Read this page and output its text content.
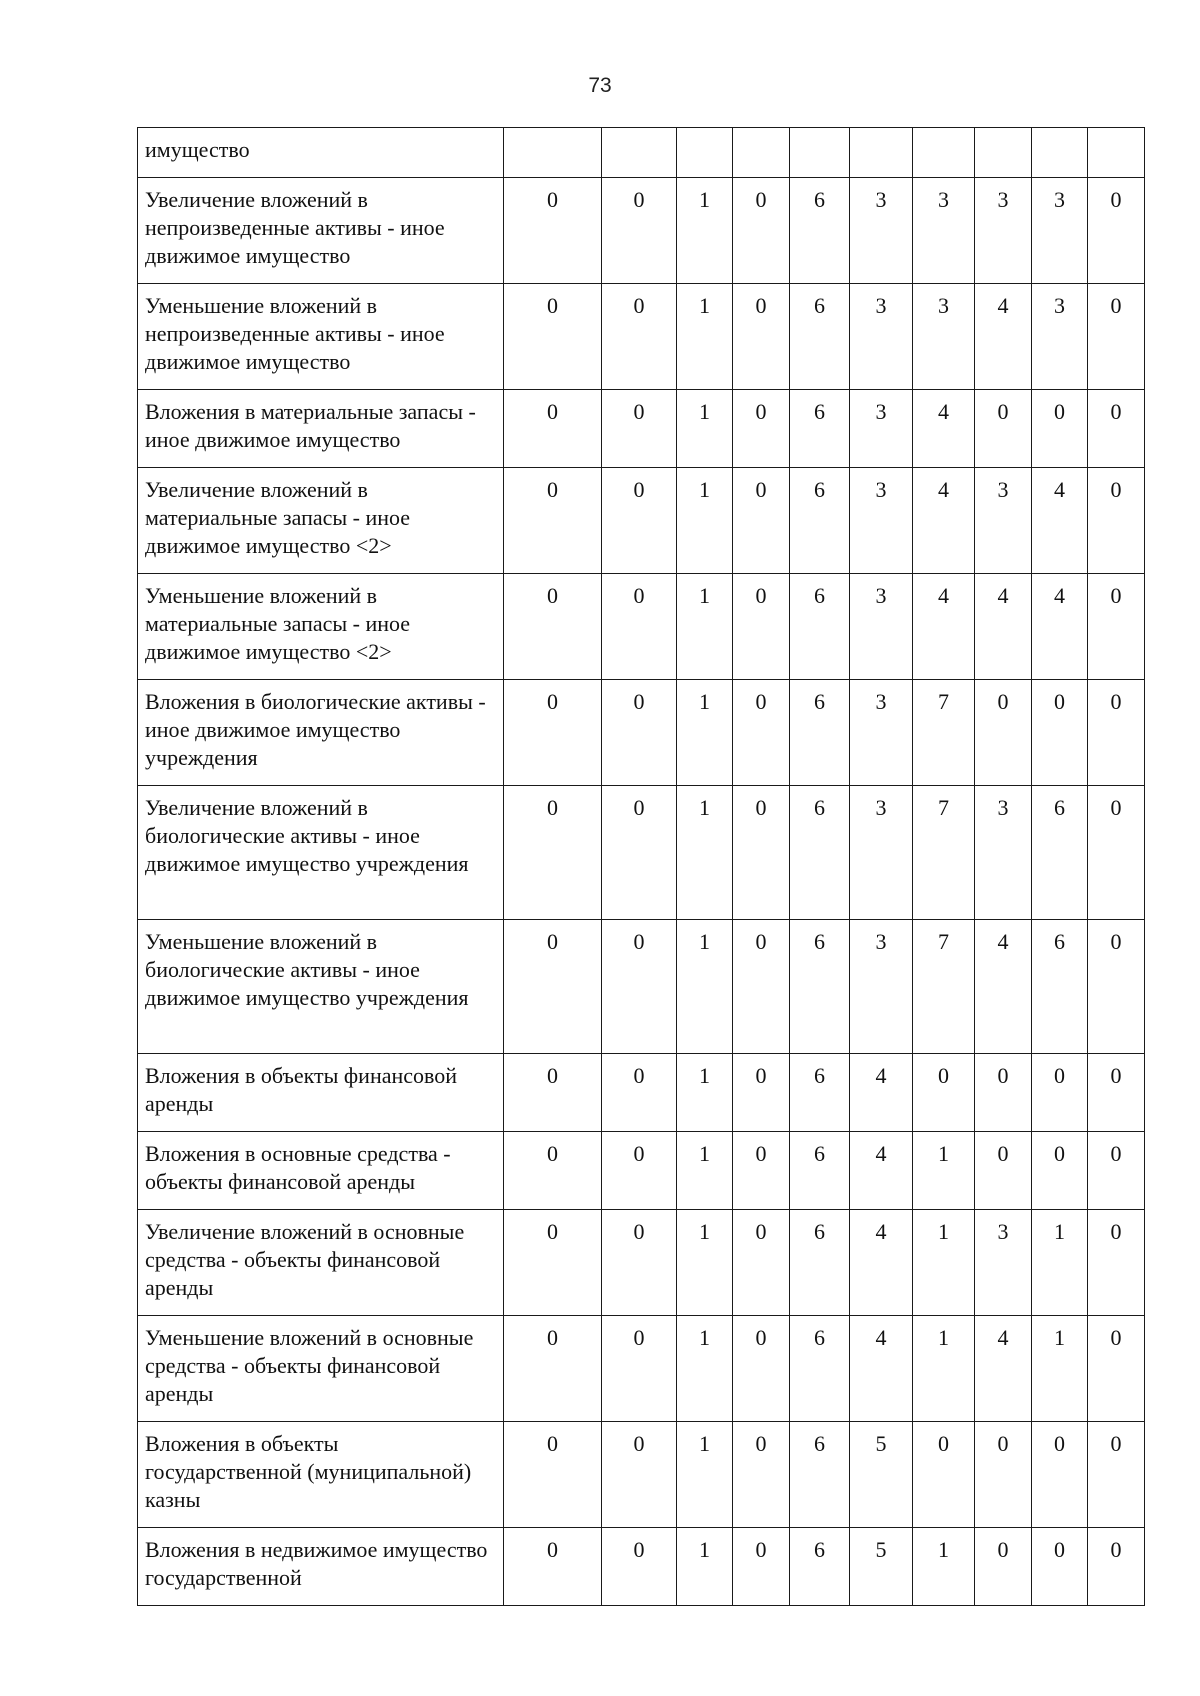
73
имущество										
Увеличение вложений в непроизведенные активы - иное движимое имущество	0	0	1	0	6	3	3	3	3	0
Уменьшение вложений в непроизведенные активы - иное движимое имущество	0	0	1	0	6	3	3	4	3	0
Вложения в материальные запасы - иное движимое имущество	0	0	1	0	6	3	4	0	0	0
Увеличение вложений в материальные запасы - иное движимое имущество <2>	0	0	1	0	6	3	4	3	4	0
Уменьшение вложений в материальные запасы - иное движимое имущество <2>	0	0	1	0	6	3	4	4	4	0
Вложения в биологические активы - иное движимое имущество учреждения	0	0	1	0	6	3	7	0	0	0
Увеличение вложений в биологические активы - иное движимое имущество учреждения	0	0	1	0	6	3	7	3	6	0
Уменьшение вложений в биологические активы - иное движимое имущество учреждения	0	0	1	0	6	3	7	4	6	0
Вложения в объекты финансовой аренды	0	0	1	0	6	4	0	0	0	0
Вложения в основные средства - объекты финансовой аренды	0	0	1	0	6	4	1	0	0	0
Увеличение вложений в основные средства - объекты финансовой аренды	0	0	1	0	6	4	1	3	1	0
Уменьшение вложений в основные средства - объекты финансовой аренды	0	0	1	0	6	4	1	4	1	0
Вложения в объекты государственной (муниципальной) казны	0	0	1	0	6	5	0	0	0	0
Вложения в недвижимое имущество государственной	0	0	1	0	6	5	1	0	0	0
